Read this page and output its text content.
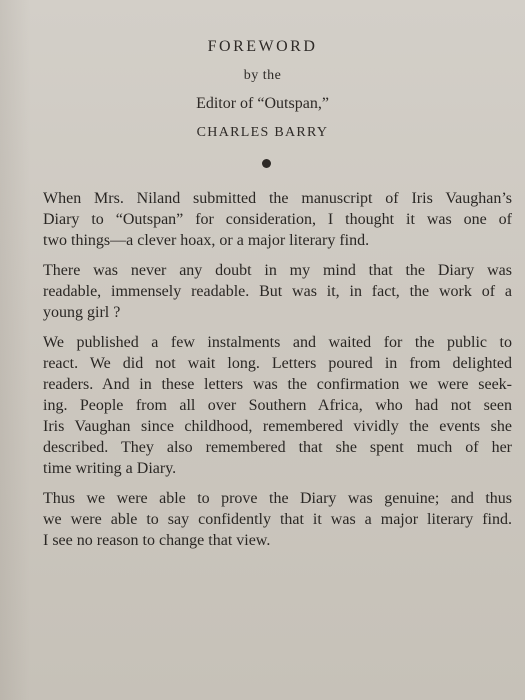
FOREWORD
by the
Editor of “Outspan,”
CHARLES BARRY

When Mrs. Niland submitted the manuscript of Iris Vaughan’s
Diary to “Outspan” for consideration, I thought it was one of
two things—a clever hoax, or a major literary find.

There was never any doubt in my mind that the Diary was
readable, immensely readable. But was it, in fact, the work of a
young girl ?

We published a few instalments and waited for the public to
react. We did not wait long. Letters poured in from delighted
readers. And in these letters was the confirmation we were seek-
ing. People from all over Southern Africa, who had not seen
Iris Vaughan since childhood, remembered vividly the events she
described. They also remembered that she spent much of her
time writing a Diary.

Thus we were able to prove the Diary was genuine; and thus
we were able to say confidently that it was a major literary find.
I see no reason to change that view.
